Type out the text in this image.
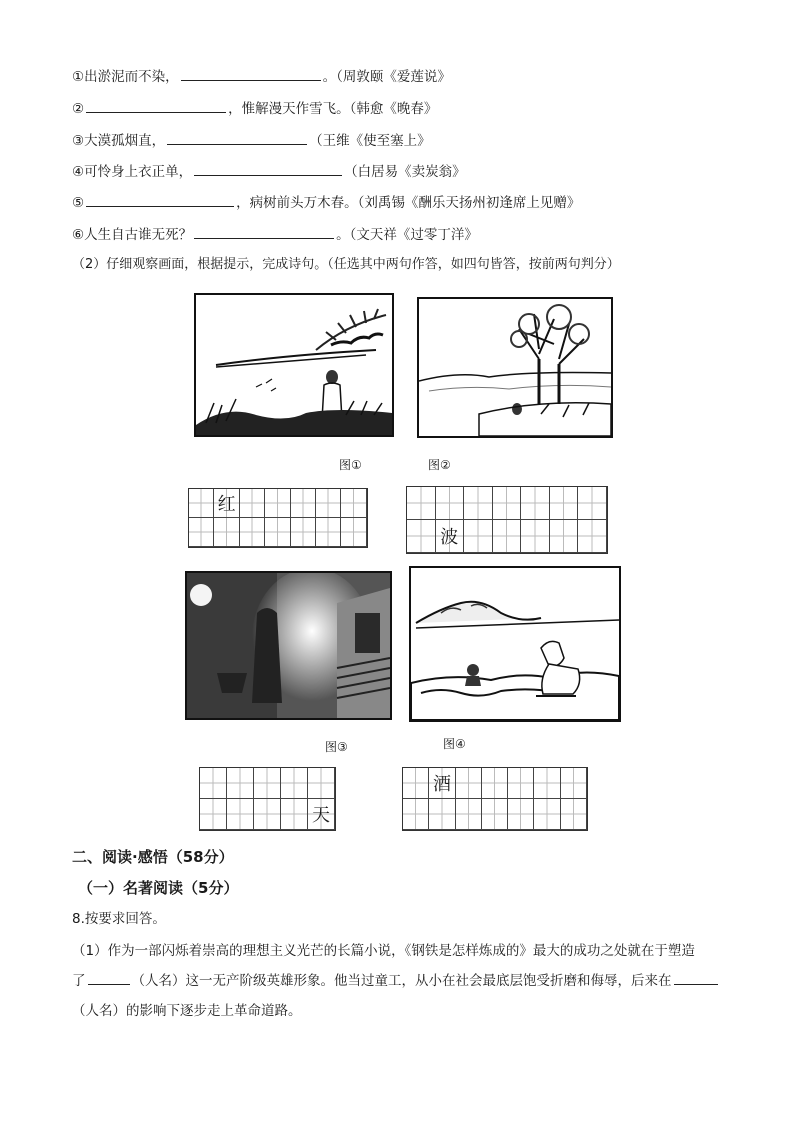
①出淤泥而不染，	。（周敦颐《爱莲说》
②	，惟解漫天作雪飞。（韩愈《晚春》
③大漠孤烟直，	（王维《使至塞上》
④可怜身上衣正单，	（白居易《卖炭翁》
⑤	，病树前头万木春。（刘禹锡《酬乐天扬州初逢席上见赠》
⑥人生自古谁无死？	。（文天祥《过零丁洋》
（2）仔细观察画面，根据提示，完成诗句。（任选其中两句作答，如四句皆答，按前两句判分）
图①	图②
红
波
图③	图④
天
酒
二、阅读·感悟（58分）
（一）名著阅读（5分）
8.按要求回答。
（1）作为一部闪烁着崇高的理想主义光芒的长篇小说，《钢铁是怎样炼成的》最大的成功之处就在于塑造
了	（人名）这一无产阶级英雄形象。他当过童工，从小在社会最底层饱受折磨和侮辱，后来在
（人名）的影响下逐步走上革命道路。
